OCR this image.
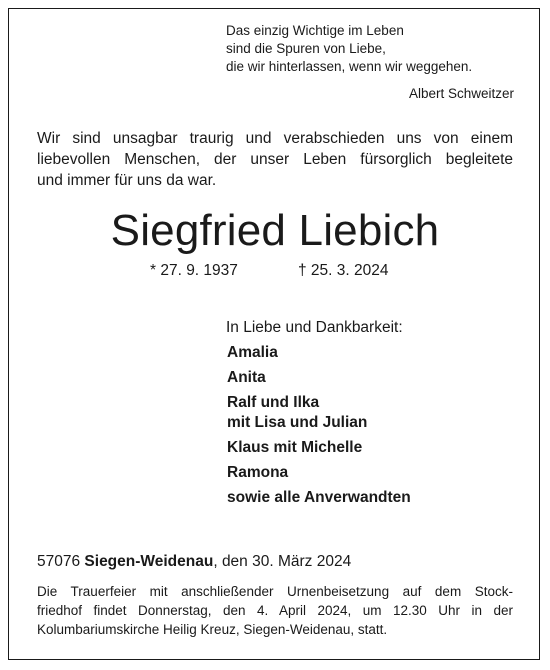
Das einzig Wichtige im Leben
sind die Spuren von Liebe,
die wir hinterlassen, wenn wir weggehen.
Albert Schweitzer
Wir sind unsagbar traurig und verabschieden uns von einem
liebevollen Menschen, der unser Leben fürsorglich begleitete
und immer für uns da war.
Siegfried Liebich
* 27. 9. 1937	† 25. 3. 2024
In Liebe und Dankbarkeit:
Amalia
Anita
Ralf und Ilka
mit Lisa und Julian
Klaus mit Michelle
Ramona
sowie alle Anverwandten
57076 Siegen-Weidenau, den 30. März 2024
Die Trauerfeier mit anschließender Urnenbeisetzung auf dem Stock-
friedhof findet Donnerstag, den 4. April 2024, um 12.30 Uhr in der
Kolumbariumskirche Heilig Kreuz, Siegen-Weidenau, statt.
